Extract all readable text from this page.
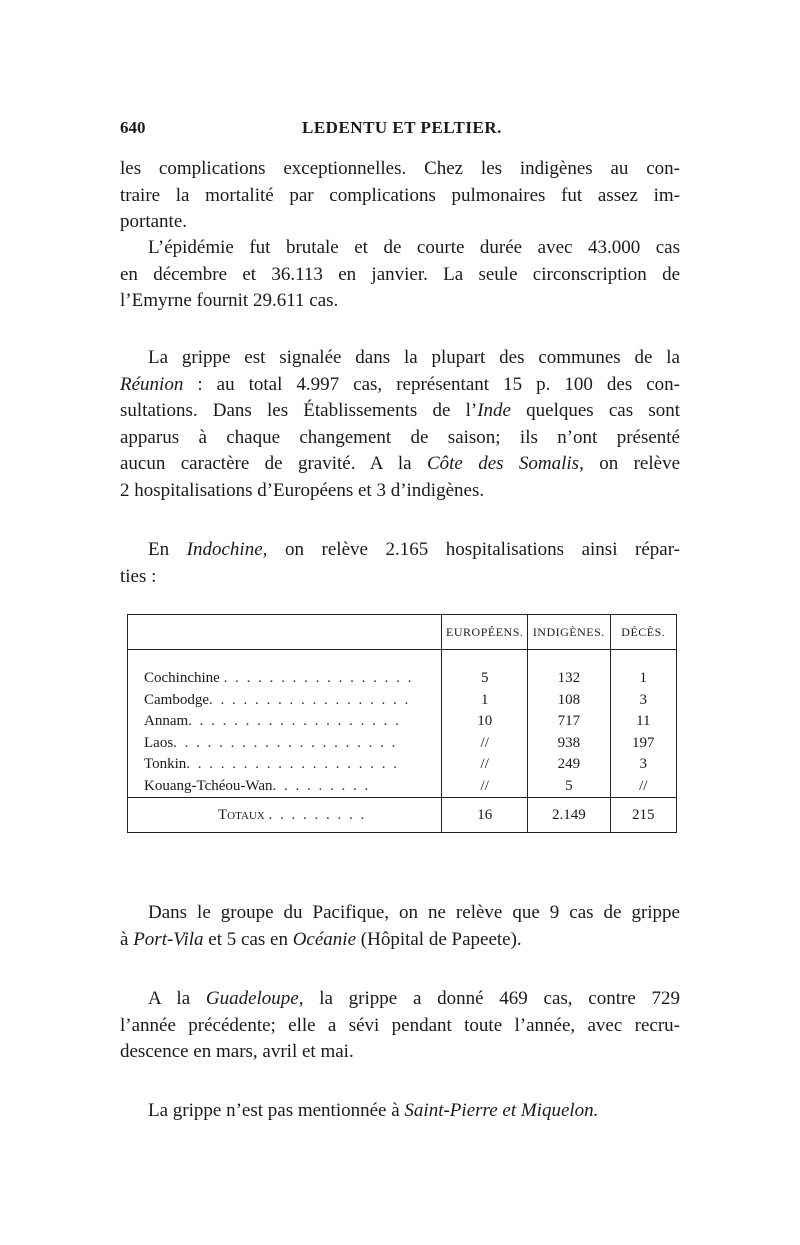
640	LEDENTU ET PELTIER.
les complications exceptionnelles. Chez les indigènes au con-
traire la mortalité par complications pulmonaires fut assez im-
portante.
L’épidémie fut brutale et de courte durée avec 43.000 cas
en décembre et 36.113 en janvier. La seule circonscription de
l’Emyrne fournit 29.611 cas.
La grippe est signalée dans la plupart des communes de la
Réunion : au total 4.997 cas, représentant 15 p. 100 des con-
sultations. Dans les Établissements de l’Inde quelques cas sont
apparus à chaque changement de saison; ils n’ont présenté
aucun caractère de gravité. A la Côte des Somalis, on relève
2 hospitalisations d’Européens et 3 d’indigènes.
En Indochine, on relève 2.165 hospitalisations ainsi répar-
ties :
	EUROPÉENS.	INDIGÈNES.	DÉCÈS.

Cochinchine . . . . . . . . . . . . . . . . .	5	132	1
Cambodge. . . . . . . . . . . . . . . . . .	1	108	3
Annam. . . . . . . . . . . . . . . . . . .	10	717	11
Laos. . . . . . . . . . . . . . . . . . . .	//	938	197
Tonkin. . . . . . . . . . . . . . . . . . .	//	249	3
Kouang-Tchéou-Wan. . . . . . . . .	//	5	//
Totaux . . . . . . . . .	16	2.149	215
Dans le groupe du Pacifique, on ne relève que 9 cas de grippe
à Port-Vila et 5 cas en Océanie (Hôpital de Papeete).
A la Guadeloupe, la grippe a donné 469 cas, contre 729
l’année précédente; elle a sévi pendant toute l’année, avec recru-
descence en mars, avril et mai.
La grippe n’est pas mentionnée à Saint-Pierre et Miquelon.
